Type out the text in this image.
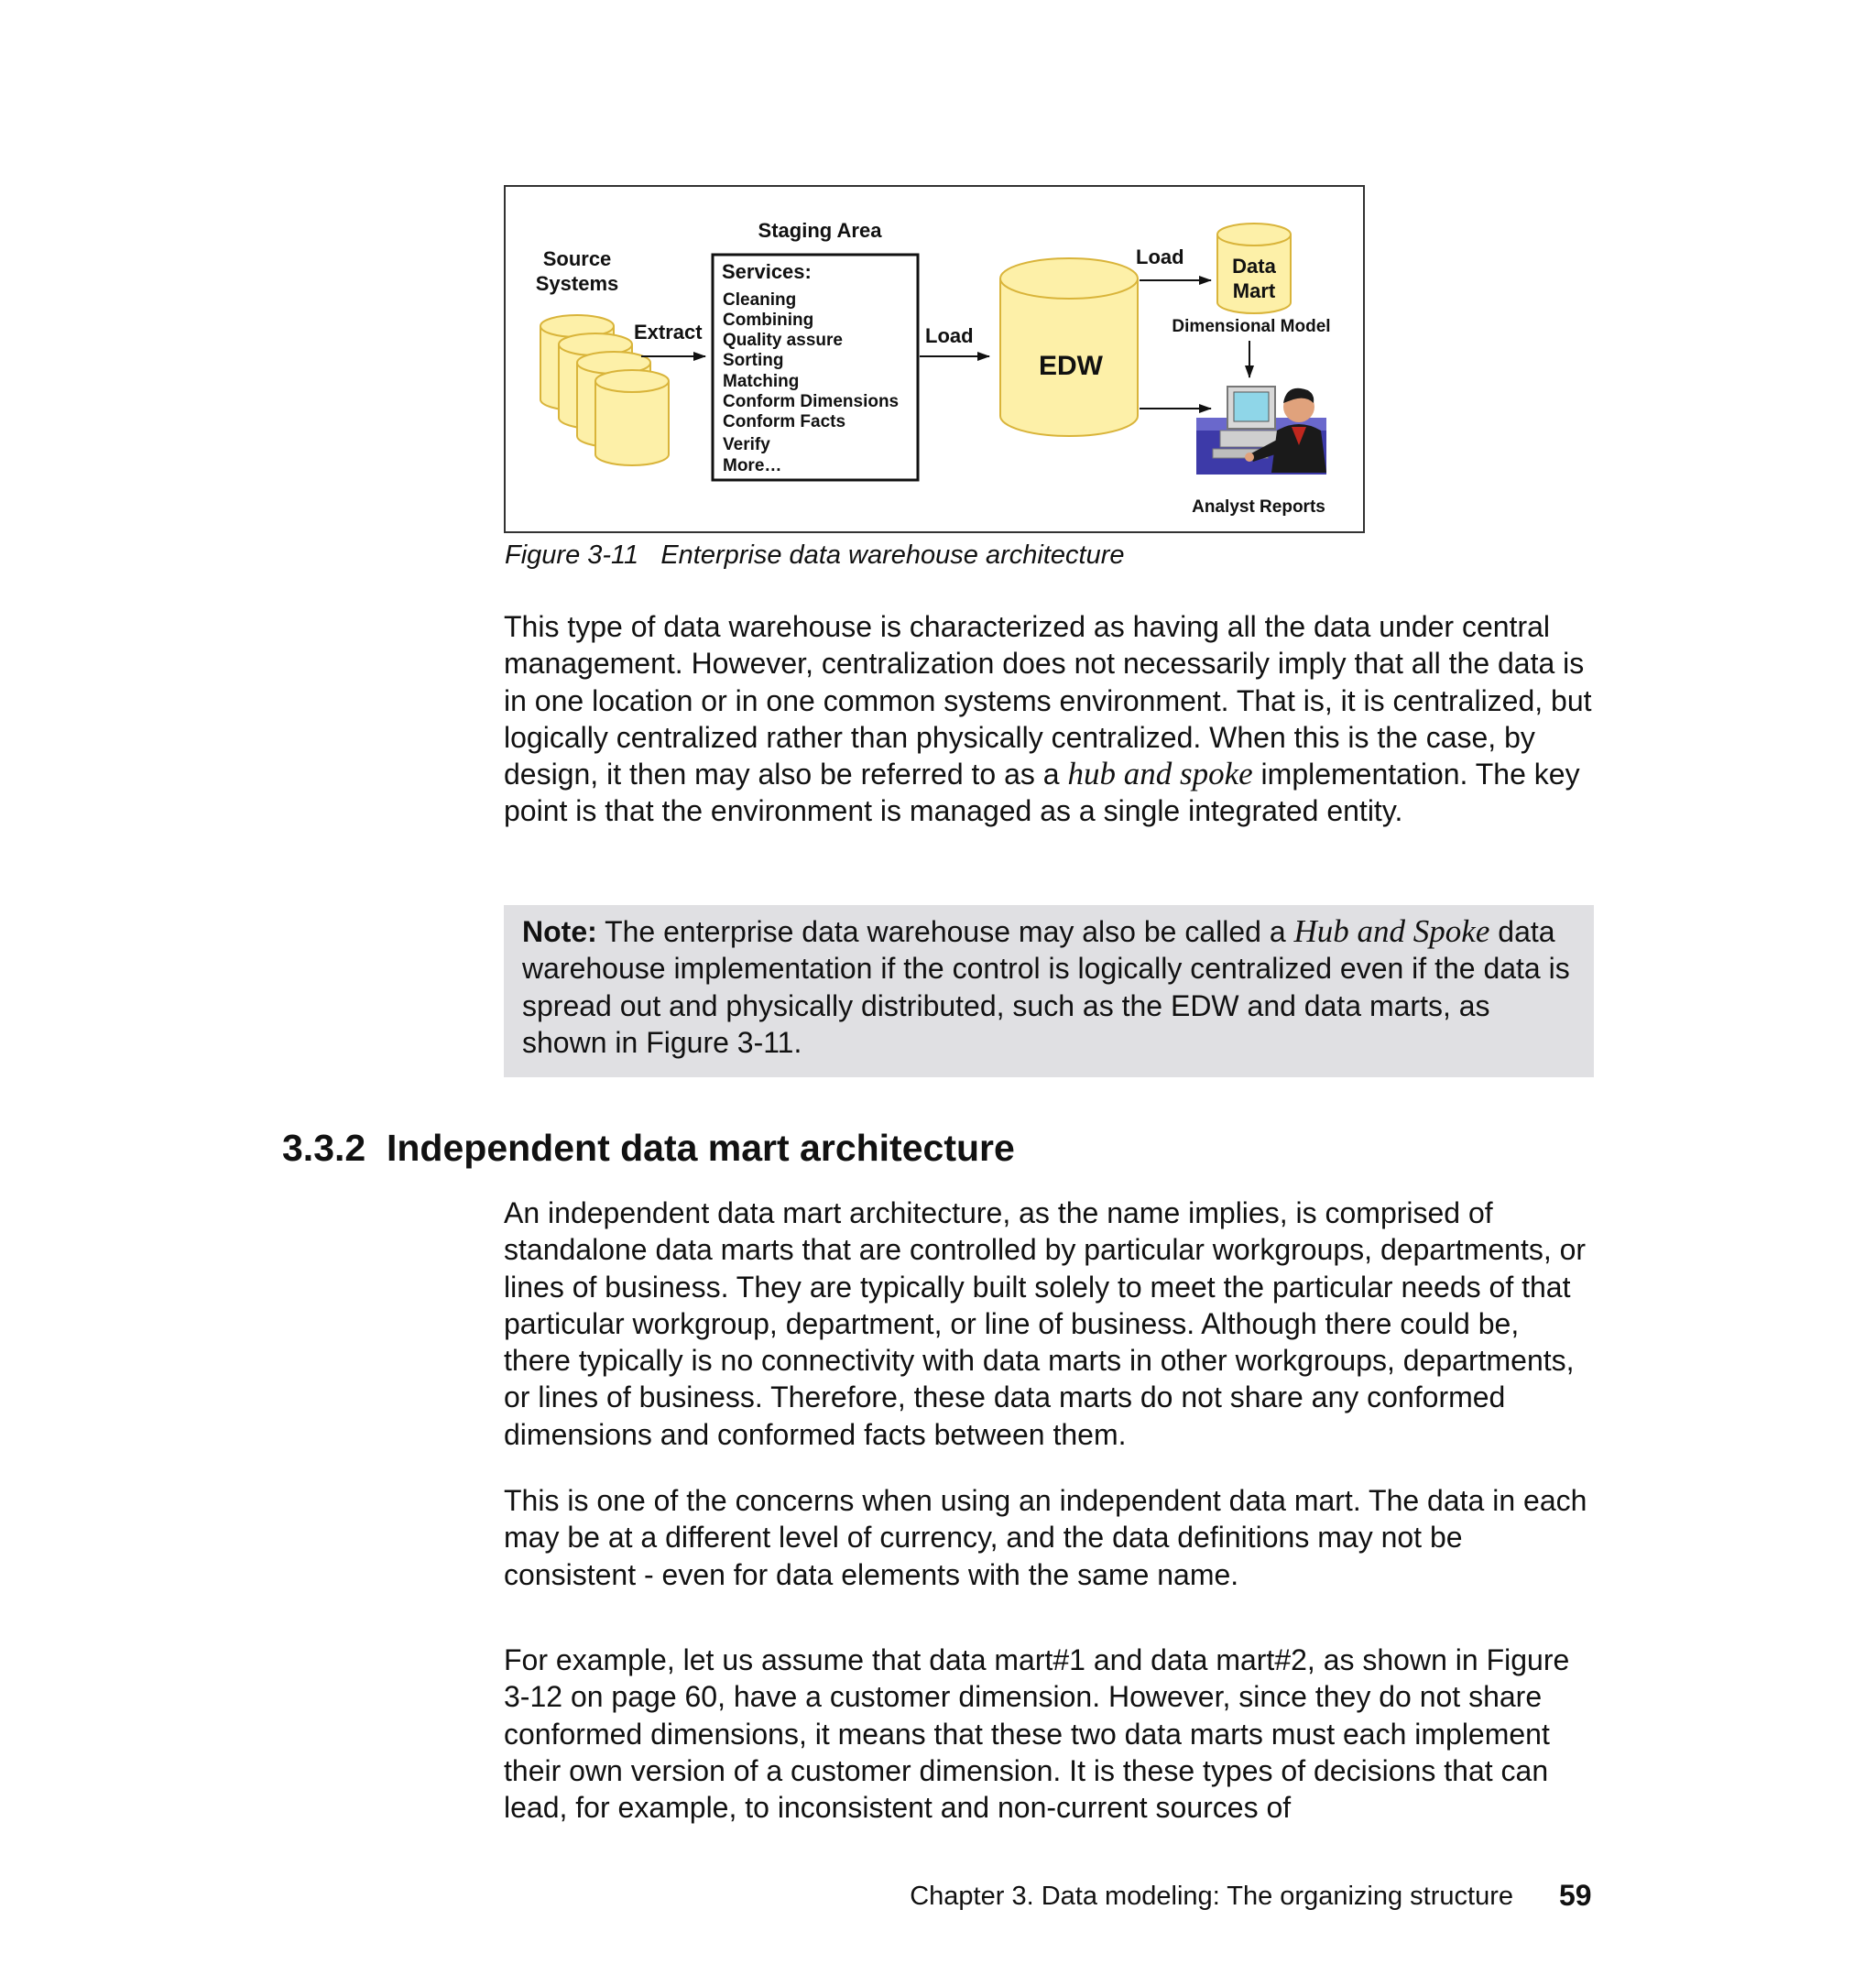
Source
Systems
Extract
Staging Area
Services:
Cleaning
Combining
Quality assure
Sorting
Matching
Conform Dimensions
Conform Facts
Verify
More…
Load
EDW
Load Data
Mart
Dimensional Model
Analyst Reports
Figure 3-11 Enterprise data warehouse architecture

This type of data warehouse is characterized as having all the data under central management. However, centralization does not necessarily imply that all the data is in one location or in one common systems environment. That is, it is centralized, but logically centralized rather than physically centralized. When this is the case, by design, it then may also be referred to as a hub and spoke implementation. The key point is that the environment is managed as a single integrated entity.

Note: The enterprise data warehouse may also be called a Hub and Spoke data warehouse implementation if the control is logically centralized even if the data is spread out and physically distributed, such as the EDW and data marts, as shown in Figure 3-11.

3.3.2 Independent data mart architecture

An independent data mart architecture, as the name implies, is comprised of standalone data marts that are controlled by particular workgroups, departments, or lines of business. They are typically built solely to meet the particular needs of that particular workgroup, department, or line of business. Although there could be, there typically is no connectivity with data marts in other workgroups, departments, or lines of business. Therefore, these data marts do not share any conformed dimensions and conformed facts between them.

This is one of the concerns when using an independent data mart. The data in each may be at a different level of currency, and the data definitions may not be consistent - even for data elements with the same name.

For example, let us assume that data mart#1 and data mart#2, as shown in Figure 3-12 on page 60, have a customer dimension. However, since they do not share conformed dimensions, it means that these two data marts must each implement their own version of a customer dimension. It is these types of decisions that can lead, for example, to inconsistent and non-current sources of

Chapter 3. Data modeling: The organizing structure 59
